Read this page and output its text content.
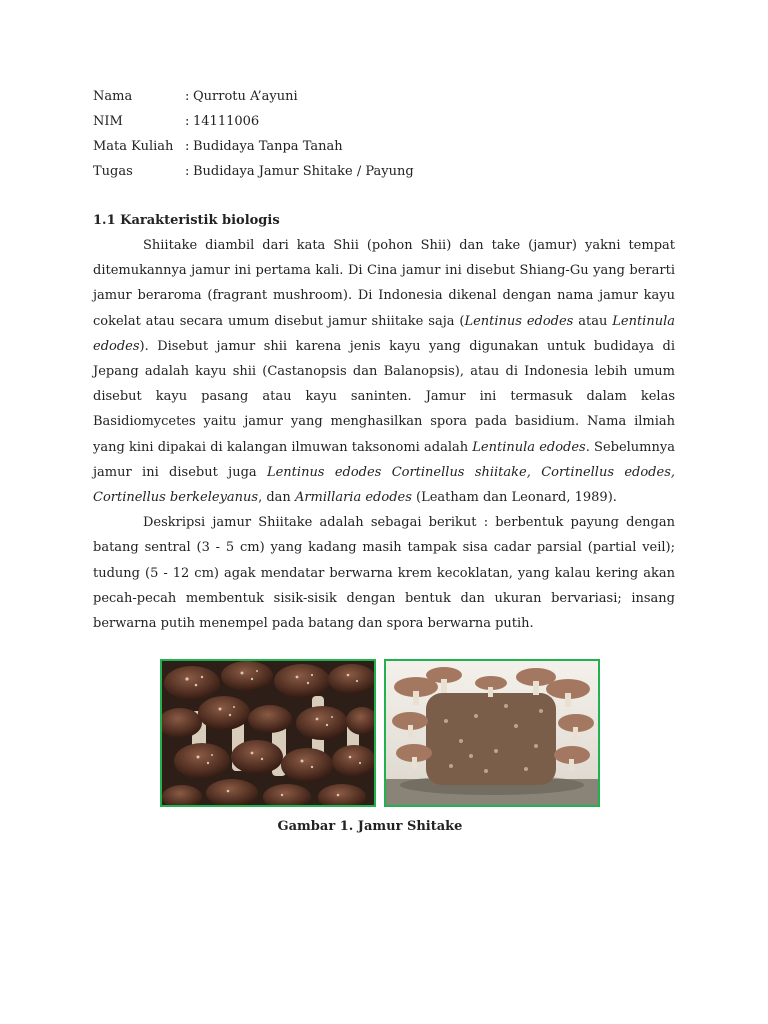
Nama	: Qurrotu A’ayuni
NIM	: 14111006
Mata Kuliah : Budidaya Tanpa Tanah
Tugas	: Budidaya Jamur Shitake / Payung
1.1 Karakteristik biologis

Shiitake diambil dari kata Shii (pohon Shii) dan take (jamur) yakni tempat ditemukannya jamur ini pertama kali. Di Cina jamur ini disebut Shiang-Gu yang berarti jamur beraroma (fragrant mushroom). Di Indonesia dikenal dengan nama jamur kayu cokelat atau secara umum disebut jamur shiitake saja (Lentinus edodes atau Lentinula edodes). Disebut jamur shii karena jenis kayu yang digunakan untuk budidaya di Jepang adalah kayu shii (Castanopsis dan Balanopsis), atau di Indonesia lebih umum disebut kayu pasang atau kayu saninten. Jamur ini termasuk dalam kelas Basidiomycetes yaitu jamur yang menghasilkan spora pada basidium. Nama ilmiah yang kini dipakai di kalangan ilmuwan taksonomi adalah Lentinula edodes. Sebelumnya jamur ini disebut juga Lentinus edodes Cortinellus shiitake, Cortinellus edodes, Cortinellus berkeleyanus, dan Armillaria edodes (Leatham dan Leonard, 1989).

Deskripsi jamur Shiitake adalah sebagai berikut : berbentuk payung dengan batang sentral (3 - 5 cm) yang kadang masih tampak sisa cadar parsial (partial veil); tudung (5 - 12 cm) agak mendatar berwarna krem kecoklatan, yang kalau kering akan pecah-pecah membentuk sisik-sisik dengan bentuk dan ukuran bervariasi; insang berwarna putih menempel pada batang dan spora berwarna putih.

Gambar 1. Jamur Shitake
